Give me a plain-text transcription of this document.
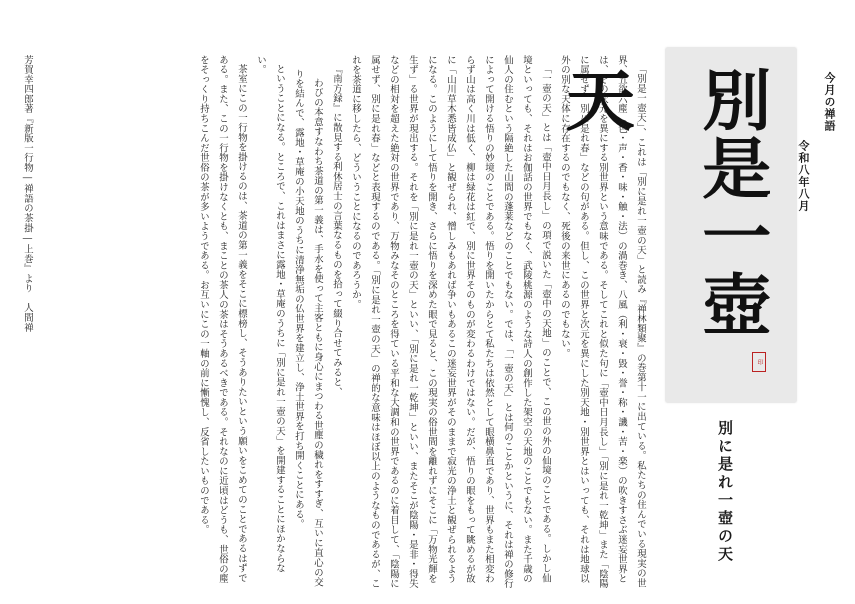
今月の禅語
令和八年八月
別是一壺天
印
別に是れ一壺の天

「別是一壺天」、これは「別に是れ一壺の天」と読み『禅林類聚』の巻第十一に出ている。私たちの住んでいる現実の世界、五欲六塵（色・声・香・味・触・法）の渦巻き、八風（利・衰・毀・誉・称・譏・苦・楽）の吹きすさぶ迷妄世界とは、その次元を異にする別世界という意味である。そしてこれと似た句に「壺中日月長し」「別に是れ一乾坤」また「陰陽に属せず、別に是れ春」などの句がある。但し、この世界と次元を異にした別天地・別世界とはいっても、それは地球以外の別な天体に存在するのでもなく、死後の来世にあるのでもない。

「一壺の天」とは「壺中日月長し」の項で説いた「壺中の天地」のことで、この世の外の仙境のことである。しかし仙境といっても、それはお伽話の世界でもなく、武陵桃源のような詩人の創作した架空の天地のことでもない。また千歳の仙人の住むという隔絶した山間の蓬莱などのことでもない。では、「一壺の天」とは何のことかというに、それは禅の修行によって開ける悟りの妙境のことである。悟りを開いたからとて私たちは依然として眼横鼻直であり、世界もまた相変わらず山は高く川は低く、柳は緑花は紅で、別に世界そのものが変わるわけではない。だが、悟りの眼をもって眺めるが故に「山川草木悉皆成仏」と観ぜられ、憎しみもあれば争いもあるこの迷妄世界がそのままで寂光の浄土と観ぜられるようになる。このようにして悟りを開き、さらに悟りを深めた眼で見ると、この現実の俗世間を離れずにそこに「万物光輝を生ず」る世界が現出する。それを「別に是れ一壺の天」といい、「別に是れ一乾坤」といい、またそこが陰陽・是非・得失などの相対を超えた絶対の世界であり、万物みなそのところを得ている平和な大調和の世界であるのに着目して、「陰陽に属せず、別に是れ春」などと表現するのである。「別に是れ一壺の天」の禅的な意味はほぼ以上のようなものであるが、これを茶道に移したら、どういうことになるのであろうか。

『南方録』に散見する利休居士の言葉なるものを拾って綴り合せてみると、

わびの本意すなわち茶道の第一義は、手水を使って主客ともに身心にまつわる世塵の穢れをすすぎ、互いに直心の交りを結んで、露地・草庵の小天地のうちに清浄無垢の仏世界を建立し、浄土世界を打ち開くことにある。

ということになる。ところで、これはまさに露地・草庵のうちに「別に是れ一壺の天」を開建することにほかならない。

茶室にこの一行物を掛けるのは、茶道の第一義をそこに標榜し、そうありたいという願いをこめてのことであるはずである。また、この一行物を掛けなくとも、まことの茶人の茶はそうあるべきである。それなのに近頃はどうも、世俗の塵をそっくり持ちこんだ世俗の茶が多いようである。お互いにこの一軸の前に慚愧し、反省したいものである。

芳賀幸四郎著『新版一行物―禅語の茶掛―上巻』より　人間禅
